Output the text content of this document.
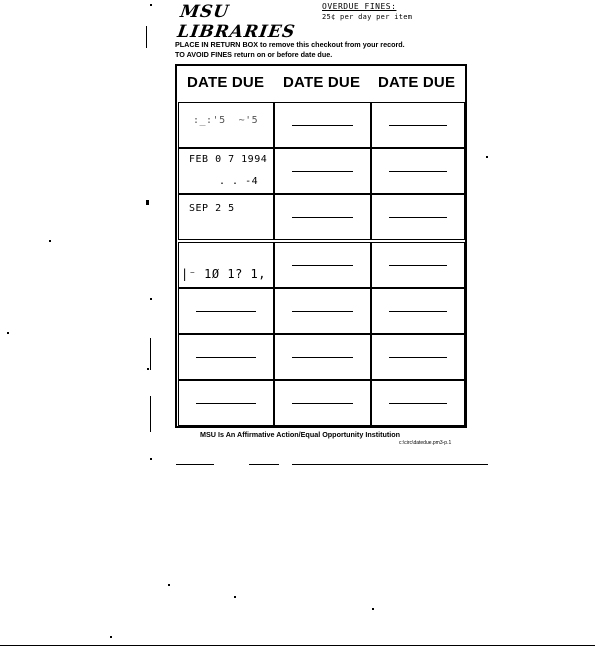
MSU LIBRARIES
OVERDUE FINES:
25¢ per day per item
PLACE IN RETURN BOX to remove this checkout from your record.
TO AVOID FINES return on or before date due.
DATE DUE DATE DUE DATE DUE
:_:'5  ~'5
FEB 0 7 1994
. . -4
SEP 2 5
|⁻ 1Ø 1? 1,
MSU Is An Affirmative Action/Equal Opportunity Institution
c:\circ\datedue.pm3-p.1
